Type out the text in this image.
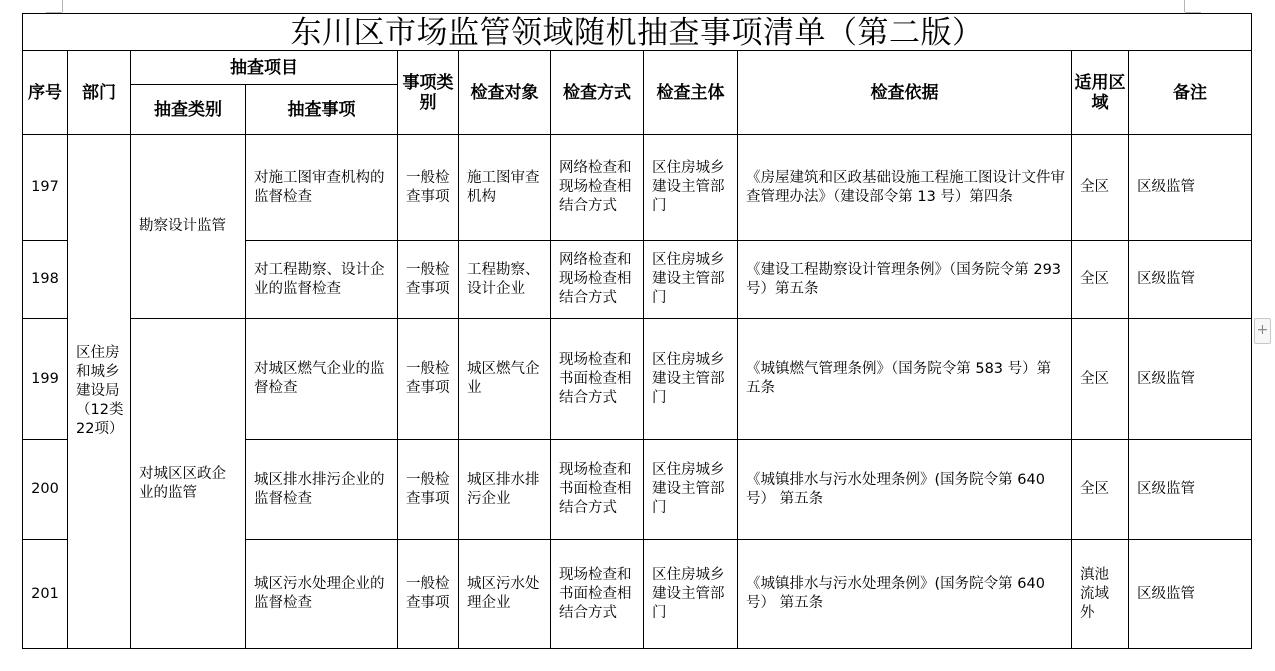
东川区市场监管领域随机抽查事项清单（第二版）
序号	部门	抽查项目		事项类别	检查对象	检查方式	检查主体	检查依据	适用区域	备注
		抽查类别	抽查事项							
197	区住房和城乡建设局（12类22项）	勘察设计监管	对施工图审查机构的监督检查	一般检查事项	施工图审查机构	网络检查和现场检查相结合方式	区住房城乡建设主管部门	《房屋建筑和区政基础设施工程施工图设计文件审查管理办法》（建设部令第 13 号）第四条	全区	区级监管
198			对工程勘察、设计企业的监督检查	一般检查事项	工程勘察、设计企业	网络检查和现场检查相结合方式	区住房城乡建设主管部门	《建设工程勘察设计管理条例》（国务院令第 293 号）第五条	全区	区级监管
199		对城区区政企业的监管	对城区燃气企业的监督检查	一般检查事项	城区燃气企业	现场检查和书面检查相结合方式	区住房城乡建设主管部门	《城镇燃气管理条例》（国务院令第 583 号）第五条	全区	区级监管
200			城区排水排污企业的监督检查	一般检查事项	城区排水排污企业	现场检查和书面检查相结合方式	区住房城乡建设主管部门	《城镇排水与污水处理条例》(国务院令第 640 号） 第五条	全区	区级监管
201			城区污水处理企业的监督检查	一般检查事项	城区污水处理企业	现场检查和书面检查相结合方式	区住房城乡建设主管部门	《城镇排水与污水处理条例》(国务院令第 640 号） 第五条	滇池流域外	区级监管
+
